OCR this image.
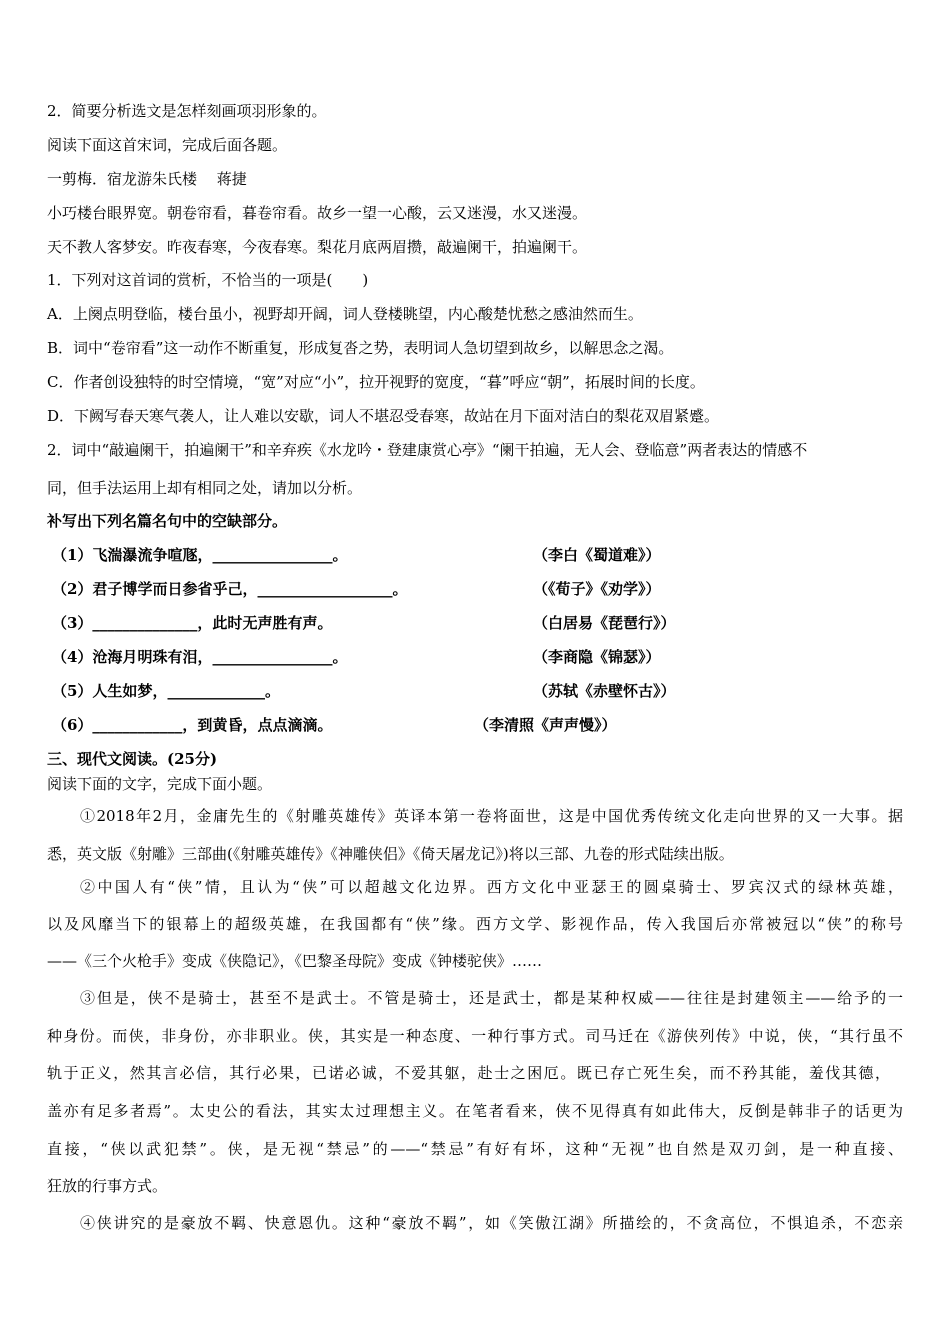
2．简要分析选文是怎样刻画项羽形象的。
阅读下面这首宋词，完成后面各题。
一剪梅．宿龙游朱氏楼　 蒋捷
小巧楼台眼界宽。朝卷帘看，暮卷帘看。故乡一望一心酸，云又迷漫，水又迷漫。
天不教人客梦安。昨夜春寒，今夜春寒。梨花月底两眉攒，敲遍阑干，拍遍阑干。
1．下列对这首词的赏析，不恰当的一项是(　　)
A．上阕点明登临，楼台虽小，视野却开阔，词人登楼眺望，内心酸楚忧愁之感油然而生。
B．词中“卷帘看”这一动作不断重复，形成复沓之势，表明词人急切望到故乡，以解思念之渴。
C．作者创设独特的时空情境，“宽”对应“小”，拉开视野的宽度，“暮”呼应“朝”，拓展时间的长度。
D．下阙写春天寒气袭人，让人难以安歇，词人不堪忍受春寒，故站在月下面对洁白的梨花双眉紧蹙。
2．词中“敲遍阑干，拍遍阑干”和辛弃疾《水龙吟・登建康赏心亭》“阑干拍遍，无人会、登临意”两者表达的情感不
同，但手法运用上却有相同之处，请加以分析。
补写出下列名篇名句中的空缺部分。
（1）飞湍瀑流争喧豗，________________。	（李白《蜀道难》）
（2）君子博学而日参省乎己，__________________。	（《荀子》《劝学》）
（3）______________，此时无声胜有声。	（白居易《琵琶行》）
（4）沧海月明珠有泪，________________。	（李商隐《锦瑟》）
（5）人生如梦，_____________。	（苏轼《赤壁怀古》）
（6）____________，到黄昏，点点滴滴。	（李清照《声声慢》）
三、现代文阅读。(25分)
阅读下面的文字，完成下面小题。
①2018年2月，金庸先生的《射雕英雄传》英译本第一卷将面世，这是中国优秀传统文化走向世界的又一大事。据
悉，英文版《射雕》三部曲(《射雕英雄传》《神雕侠侣》《倚天屠龙记》)将以三部、九卷的形式陆续出版。
②中国人有“侠”情，且认为“侠”可以超越文化边界。西方文化中亚瑟王的圆桌骑士、罗宾汉式的绿林英雄，
以及风靡当下的银幕上的超级英雄，在我国都有“侠”缘。西方文学、影视作品，传入我国后亦常被冠以“侠”的称号
——《三个火枪手》变成《侠隐记》，《巴黎圣母院》变成《钟楼驼侠》……
③但是，侠不是骑士，甚至不是武士。不管是骑士，还是武士，都是某种权威——往往是封建领主——给予的一
种身份。而侠，非身份，亦非职业。侠，其实是一种态度、一种行事方式。司马迁在《游侠列传》中说，侠，“其行虽不
轨于正义，然其言必信，其行必果，已诺必诚，不爱其躯，赴士之困厄。既已存亡死生矣，而不矜其能，羞伐其德，
盖亦有足多者焉”。太史公的看法，其实太过理想主义。在笔者看来，侠不见得真有如此伟大，反倒是韩非子的话更为
直接，“侠以武犯禁”。侠，是无视“禁忌”的——“禁忌”有好有坏，这种“无视”也自然是双刃剑，是一种直接、
狂放的行事方式。
④侠讲究的是豪放不羁、快意恩仇。这种“豪放不羁”，如《笑傲江湖》所描绘的，不贪高位，不惧追杀，不恋亲
